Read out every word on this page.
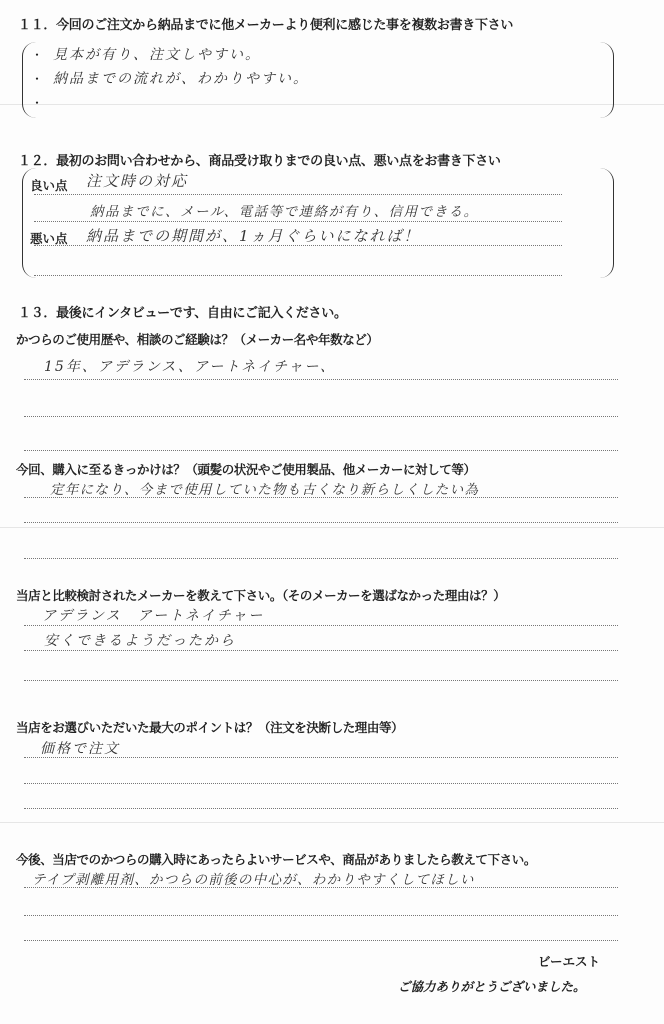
１１．今回のご注文から納品までに他メーカーより便利に感じた事を複数お書き下さい
・
・
・
見本が有り、注文しやすい。
納品までの流れが、わかりやすい。
１２．最初のお問い合わせから、商品受け取りまでの良い点、悪い点をお書き下さい
良い点 注文時の対応
納品までに、メール、電話等で連絡が有り、信用できる。
悪い点 納品までの期間が、1ヵ月ぐらいになれば！
１３．最後にインタビューです、自由にご記入ください。
かつらのご使用歴や、相談のご経験は？（メーカー名や年数など）
15年、アデランス、アートネイチャー、
今回、購入に至るきっかけは？（頭髪の状況やご使用製品、他メーカーに対して等）
定年になり、今まで使用していた物も古くなり新らしくしたい為
当店と比較検討されたメーカーを教えて下さい。（そのメーカーを選ばなかった理由は？）
アデランス　アートネイチャー
安くできるようだったから
当店をお選びいただいた最大のポイントは？（注文を決断した理由等）
価格で注文
今後、当店でのかつらの購入時にあったらよいサービスや、商品がありましたら教えて下さい。
テイプ剥離用剤、かつらの前後の中心が、わかりやすくしてほしい
ビーエスト
ご協力ありがとうございました。
